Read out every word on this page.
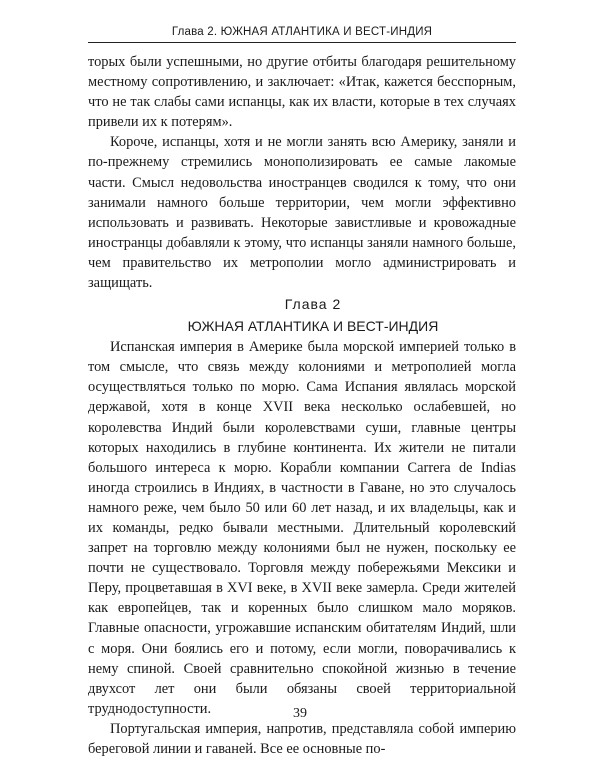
Глава 2. ЮЖНАЯ АТЛАНТИКА И ВЕСТ-ИНДИЯ

торых были успешными, но другие отбиты благодаря решительному местному сопротивлению, и заключает: «Итак, кажется бесспорным, что не так слабы сами испанцы, как их власти, которые в тех случаях привели их к потерям».

Короче, испанцы, хотя и не могли занять всю Америку, заняли и по-прежнему стремились монополизировать ее самые лакомые части. Смысл недовольства иностранцев сводился к тому, что они занимали намного больше территории, чем могли эффективно использовать и развивать. Некоторые завистливые и кровожадные иностранцы добавляли к этому, что испанцы заняли намного больше, чем правительство их метрополии могло администрировать и защищать.

Глава 2

ЮЖНАЯ АТЛАНТИКА И ВЕСТ-ИНДИЯ

Испанская империя в Америке была морской империей только в том смысле, что связь между колониями и метрополией могла осуществляться только по морю. Сама Испания являлась морской державой, хотя в конце XVII века несколько ослабевшей, но королевства Индий были королевствами суши, главные центры которых находились в глубине континента. Их жители не питали большого интереса к морю. Корабли компании Carrera de Indias иногда строились в Индиях, в частности в Гаване, но это случалось намного реже, чем было 50 или 60 лет назад, и их владельцы, как и их команды, редко бывали местными. Длительный королевский запрет на торговлю между колониями был не нужен, поскольку ее почти не существовало. Торговля между побережьями Мексики и Перу, процветавшая в XVI веке, в XVII веке замерла. Среди жителей как европейцев, так и коренных было слишком мало моряков. Главные опасности, угрожавшие испанским обитателям Индий, шли с моря. Они боялись его и потому, если могли, поворачивались к нему спиной. Своей сравнительно спокойной жизнью в течение двухсот лет они были обязаны своей территориальной труднодоступности.

Португальская империя, напротив, представляла собой империю береговой линии и гаваней. Все ее основные по-

39
